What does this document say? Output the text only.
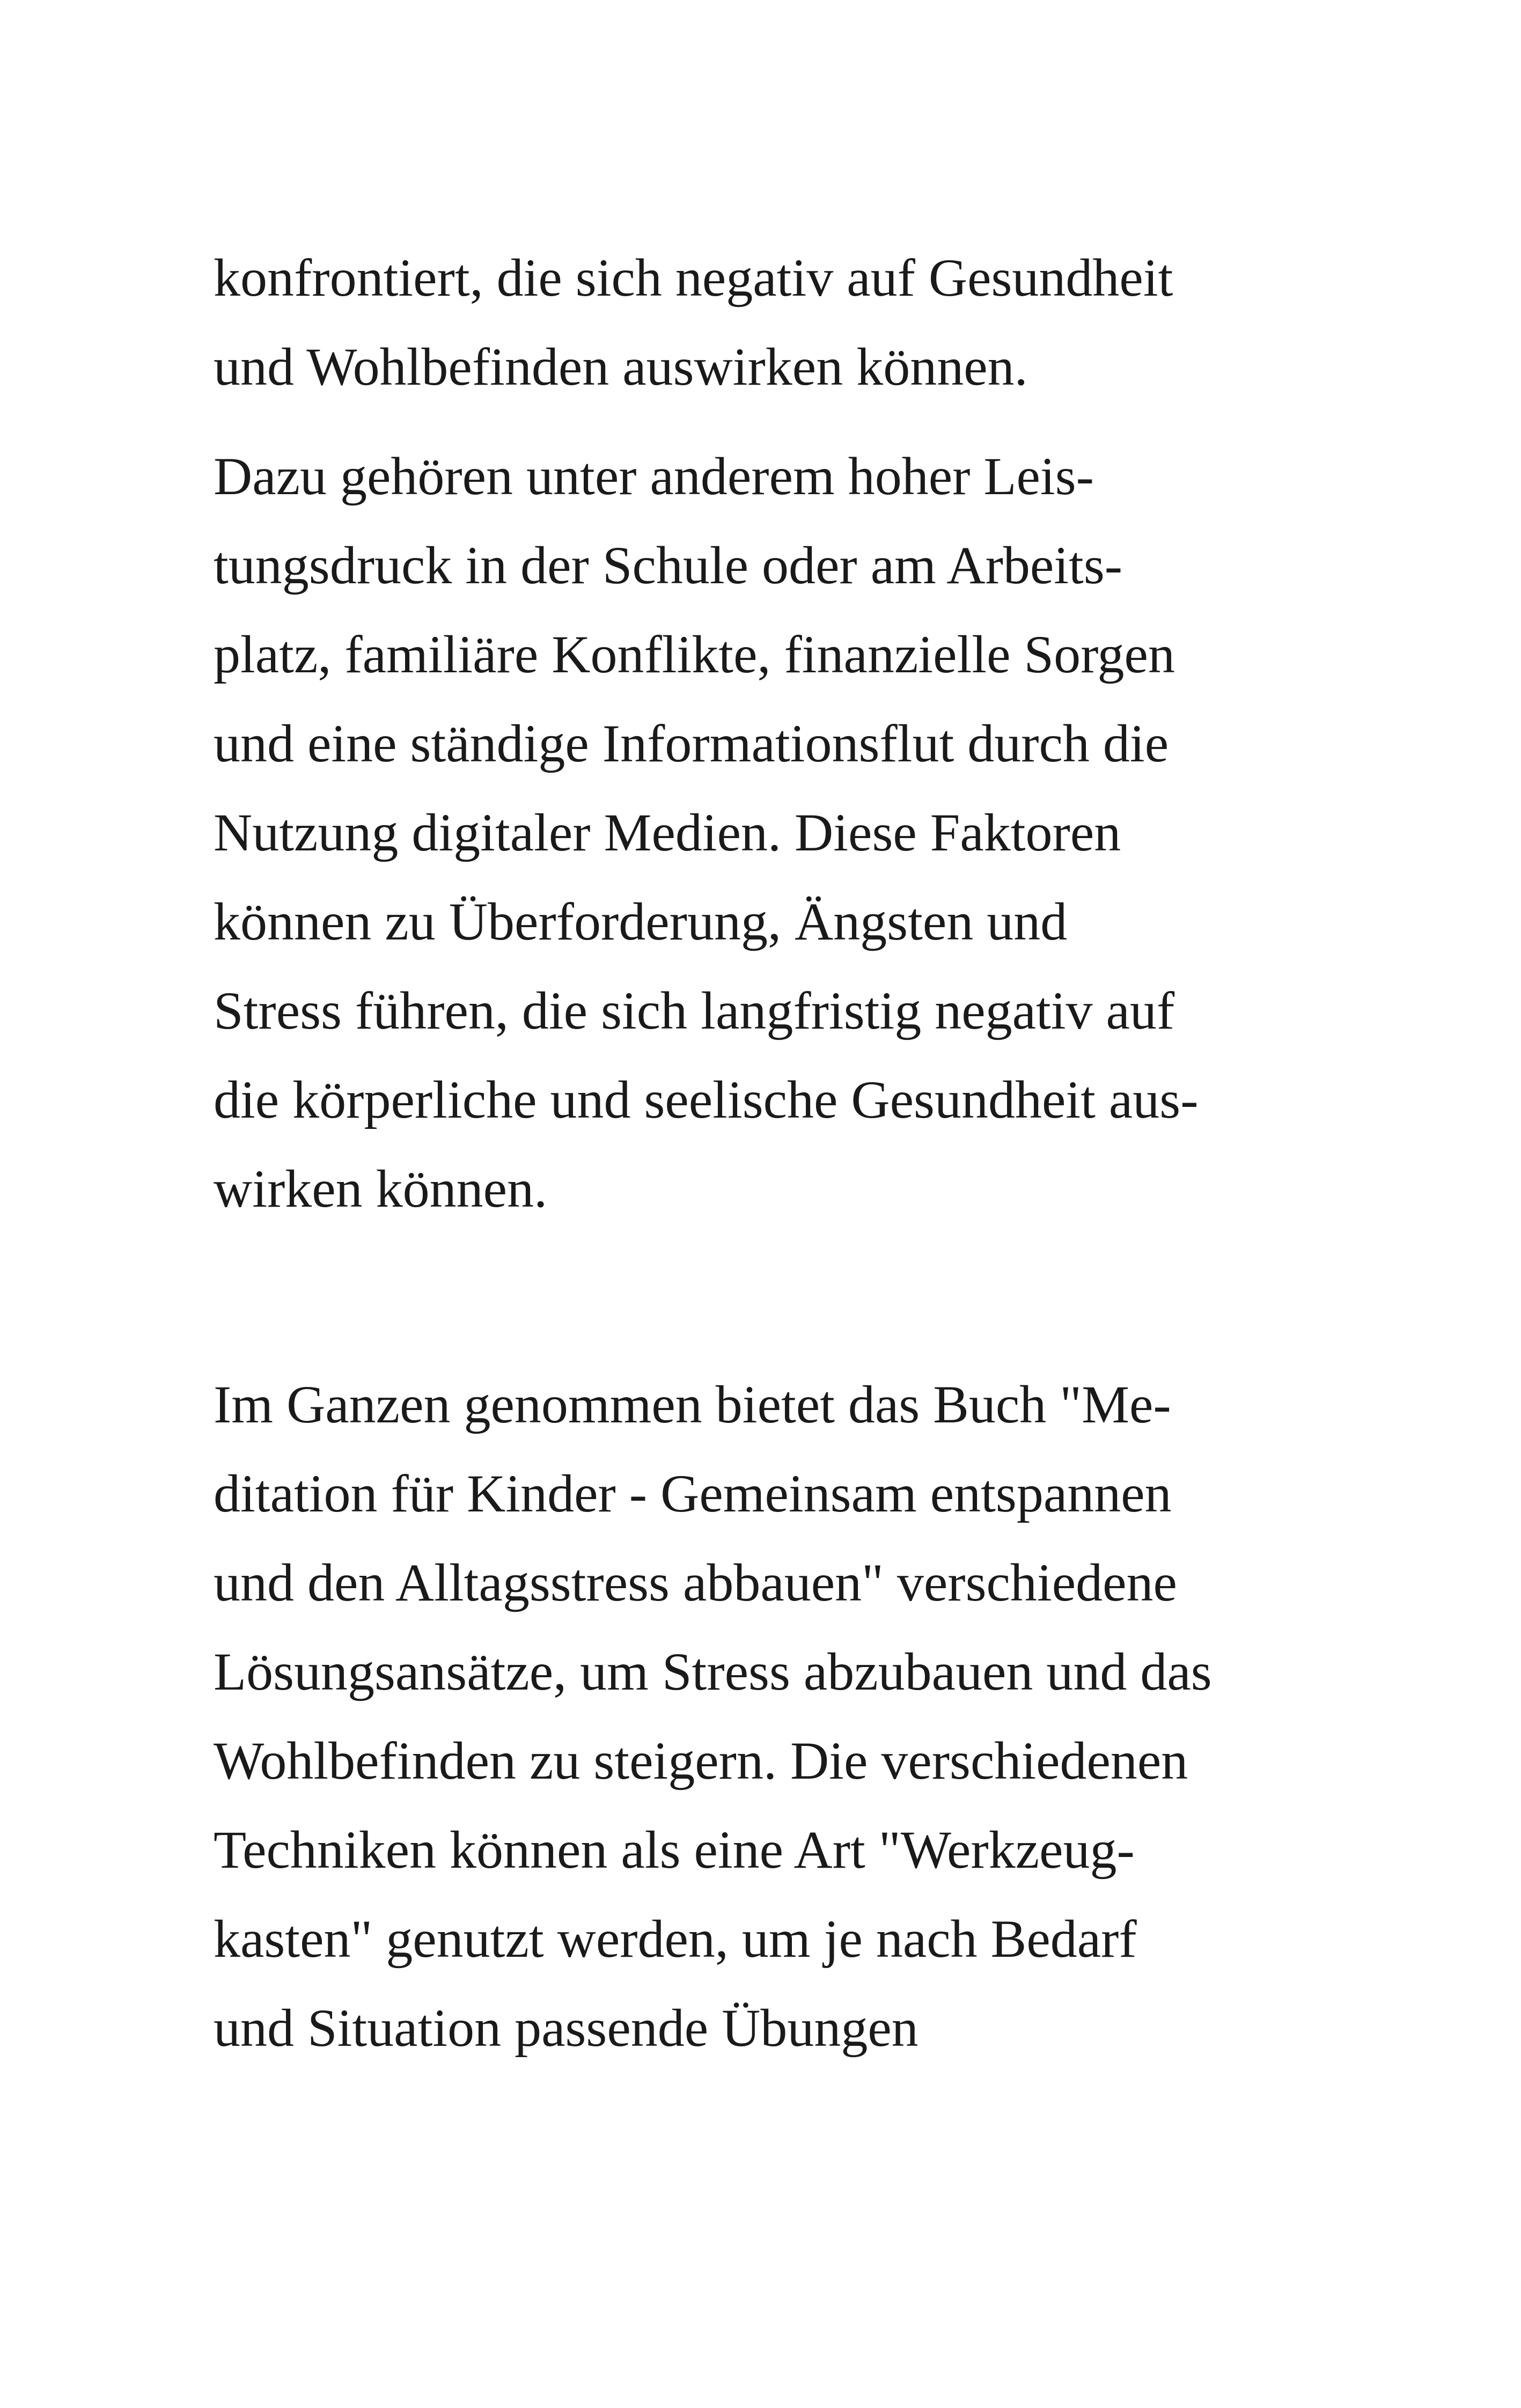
konfrontiert, die sich negativ auf Gesundheit
und Wohlbefinden auswirken können.
Dazu gehören unter anderem hoher Leis-
tungsdruck in der Schule oder am Arbeits-
platz, familiäre Konflikte, finanzielle Sorgen
und eine ständige Informationsflut durch die
Nutzung digitaler Medien. Diese Faktoren
können zu Überforderung, Ängsten und
Stress führen, die sich langfristig negativ auf
die körperliche und seelische Gesundheit aus-
wirken können.
Im Ganzen genommen bietet das Buch "Me-
ditation für Kinder - Gemeinsam entspannen
und den Alltagsstress abbauen" verschiedene
Lösungsansätze, um Stress abzubauen und das
Wohlbefinden zu steigern. Die verschiedenen
Techniken können als eine Art "Werkzeug-
kasten" genutzt werden, um je nach Bedarf
und Situation passende Übungen
